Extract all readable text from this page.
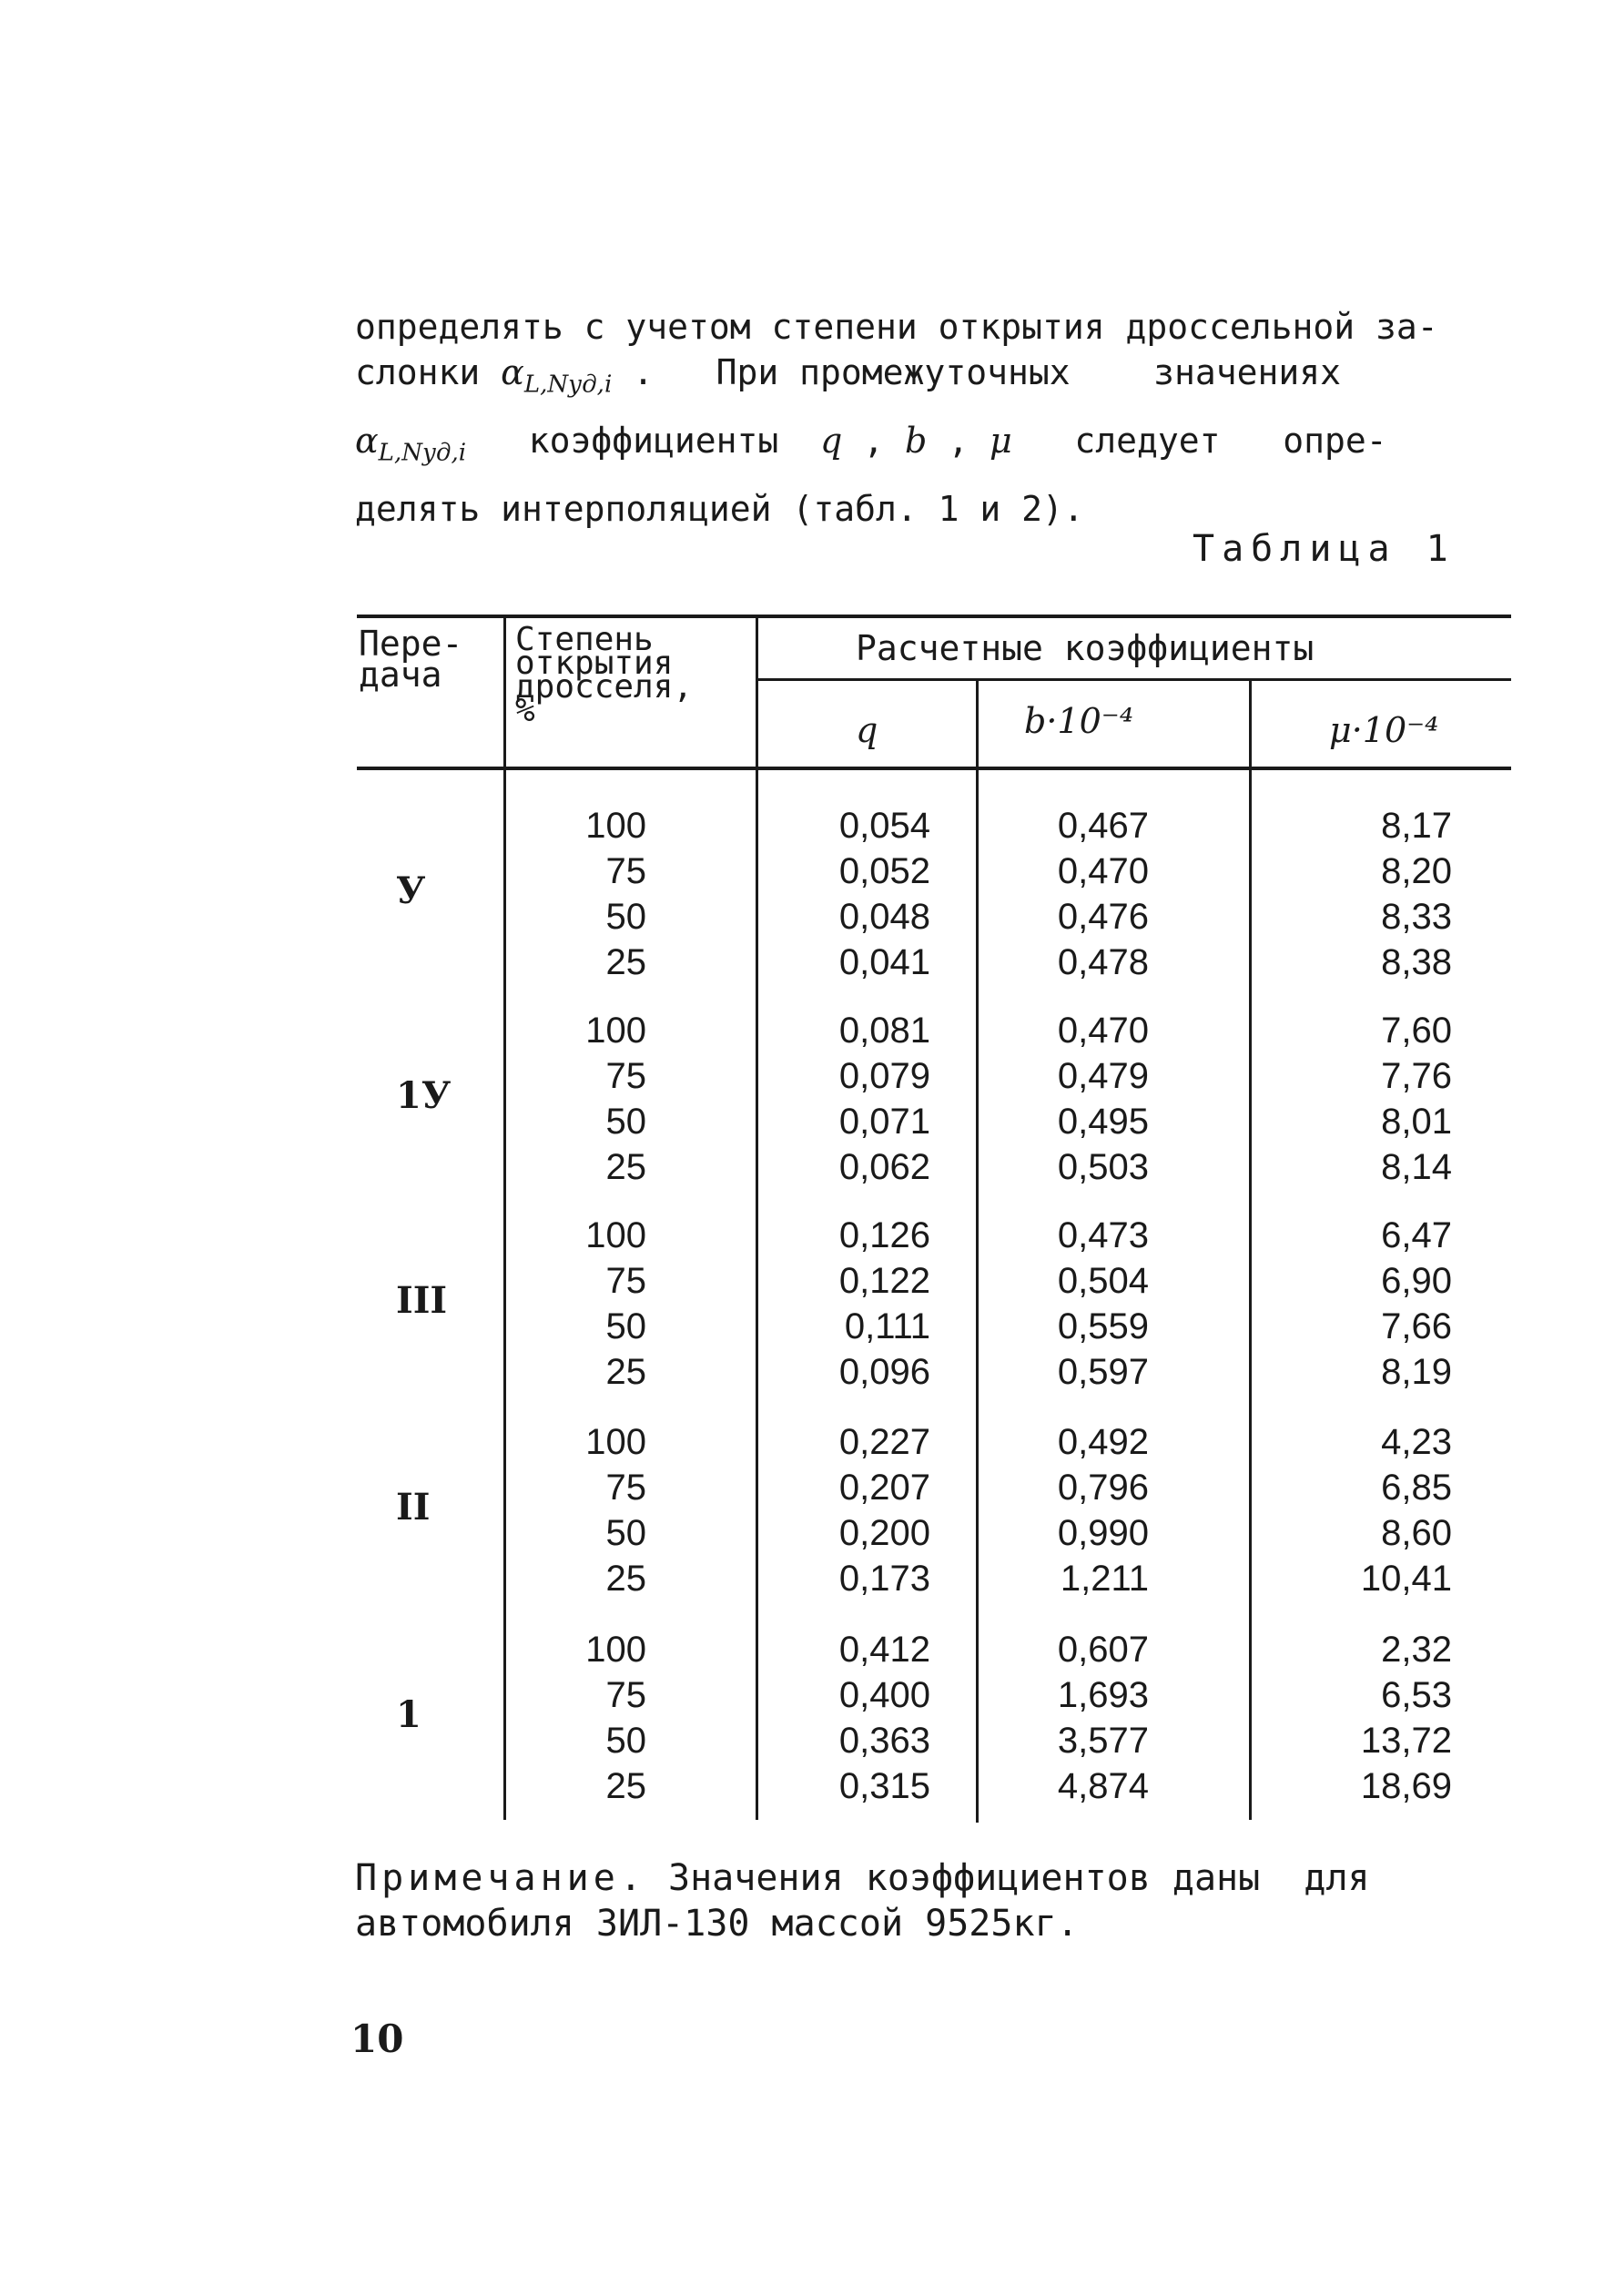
определять с учетом степени открытия дроссельной за-
слонки $\alpha_{L,Nуд,i}$ .   При промежуточных значениях
$\alpha_{L,Nуд,i}$ коэффициенты q , b , μ следует опре-
делять интерполяцией (табл. 1 и 2).
Таблица 1
Пере-
дача
Степень
открытия
дросселя,
%
Расчетные коэффициенты
q	b·10⁻⁴	μ·10⁻⁴
У
100	0,054	0,467	8,17
75	0,052	0,470	8,20
50	0,048	0,476	8,33
25	0,041	0,478	8,38
1У
100	0,081	0,470	7,60
75	0,079	0,479	7,76
50	0,071	0,495	8,01
25	0,062	0,503	8,14
III
100	0,126	0,473	6,47
75	0,122	0,504	6,90
50	0,111	0,559	7,66
25	0,096	0,597	8,19
II
100	0,227	0,492	4,23
75	0,207	0,796	6,85
50	0,200	0,990	8,60
25	0,173	1,211	10,41
1
100	0,412	0,607	2,32
75	0,400	1,693	6,53
50	0,363	3,577	13,72
25	0,315	4,874	18,69
Примечание. Значения коэффициентов даны  для
автомобиля ЗИЛ-130 массой 9525кг.
10
